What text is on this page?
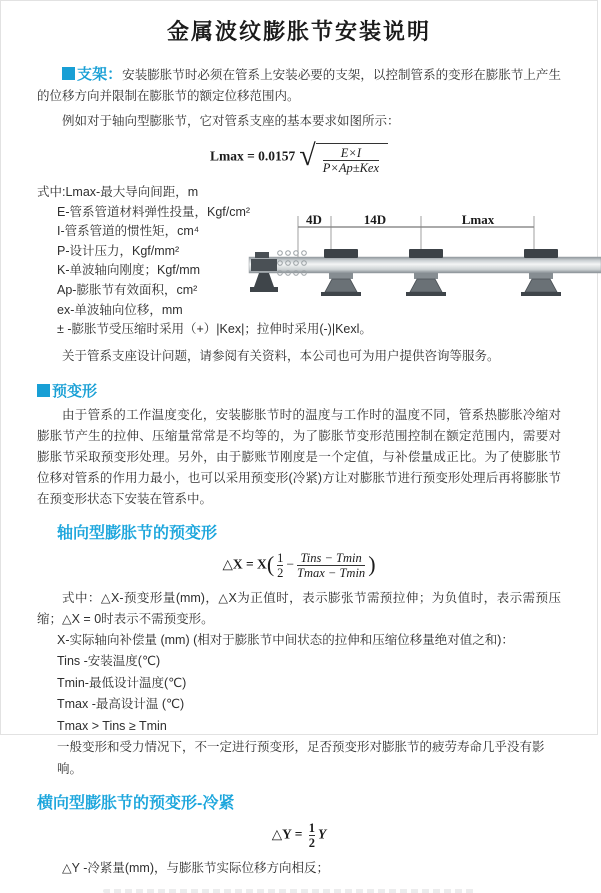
金属波纹膨胀节安装说明

支架：安装膨胀节时必须在管系上安装必要的支架，以控制管系的变形在膨胀节上产生的位移方向并限制在膨胀节的额定位移范围内。

例如对于轴向型膨胀节，它对管系支座的基本要求如图所示：

Lmax = 0.0157 √ $\frac{E\times I}{\text{P×Ap±Kex}}$
式中:Lmax-最大导向间距，m
E-管系管道材料弹性投量，Kgf/cm²
I-管系管道的惯性矩，cm⁴
P-设计压力，Kgf/mm²
K-单波轴向刚度；Kgf/mm
Ap-膨胀节有效面积，cm²
ex-单波轴向位移，mm
± -膨胀节受压缩时采用（+）|Kex|；拉伸时采用(-)|Kexl。
4D	14D	Lmax

关于管系支座设计问题，请参阅有关资料，本公司也可为用户提供咨询等服务。

预变形

由于管系的工作温度变化，安装膨胀节时的温度与工作时的温度不同，管系热膨胀冷缩对膨胀节产生的拉伸、压缩量常常是不均等的，为了膨胀节变形范围控制在额定范围内，需要对膨胀节采取预变形处理。另外，由于膨账节刚度是一个定值，与补偿量成正比。为了使膨胀节位移对管系的作用力最小，也可以采用预变形(冷紧)方让对膨胀节进行预变形处理后再将膨胀节在预变形状态下安装在管系中。

轴向型膨胀节的预变形
△X = $X( \frac{1}{2} - \frac{\text{Tins − Tmin}}{Tmax - Tmin}$ )

式中：△X-预变形量(mm)，△X为正值时，表示膨张节需预拉伸；为负值时，表示需预压缩；△X = 0时表示不需预变形。

X-实际轴向补偿量 (mm) (相对于膨胀节中间状态的拉伸和压缩位移量绝对值之和)：
Tins -安装温度(℃)
Tmin-最低设计温度(℃)
Tmax -最高设计温 (℃)
Tmax > Tins ≥ Tmin
一般变形和受力情况下，不一定进行预变形，足否预变形对膨胀节的疲劳寿命几乎没有影响。
横向型膨胀节的预变形-冷紧
△Y = $\frac{1}{2}$ Y

△Y -冷紧量(mm)，与膨胀节实际位移方向相反；
